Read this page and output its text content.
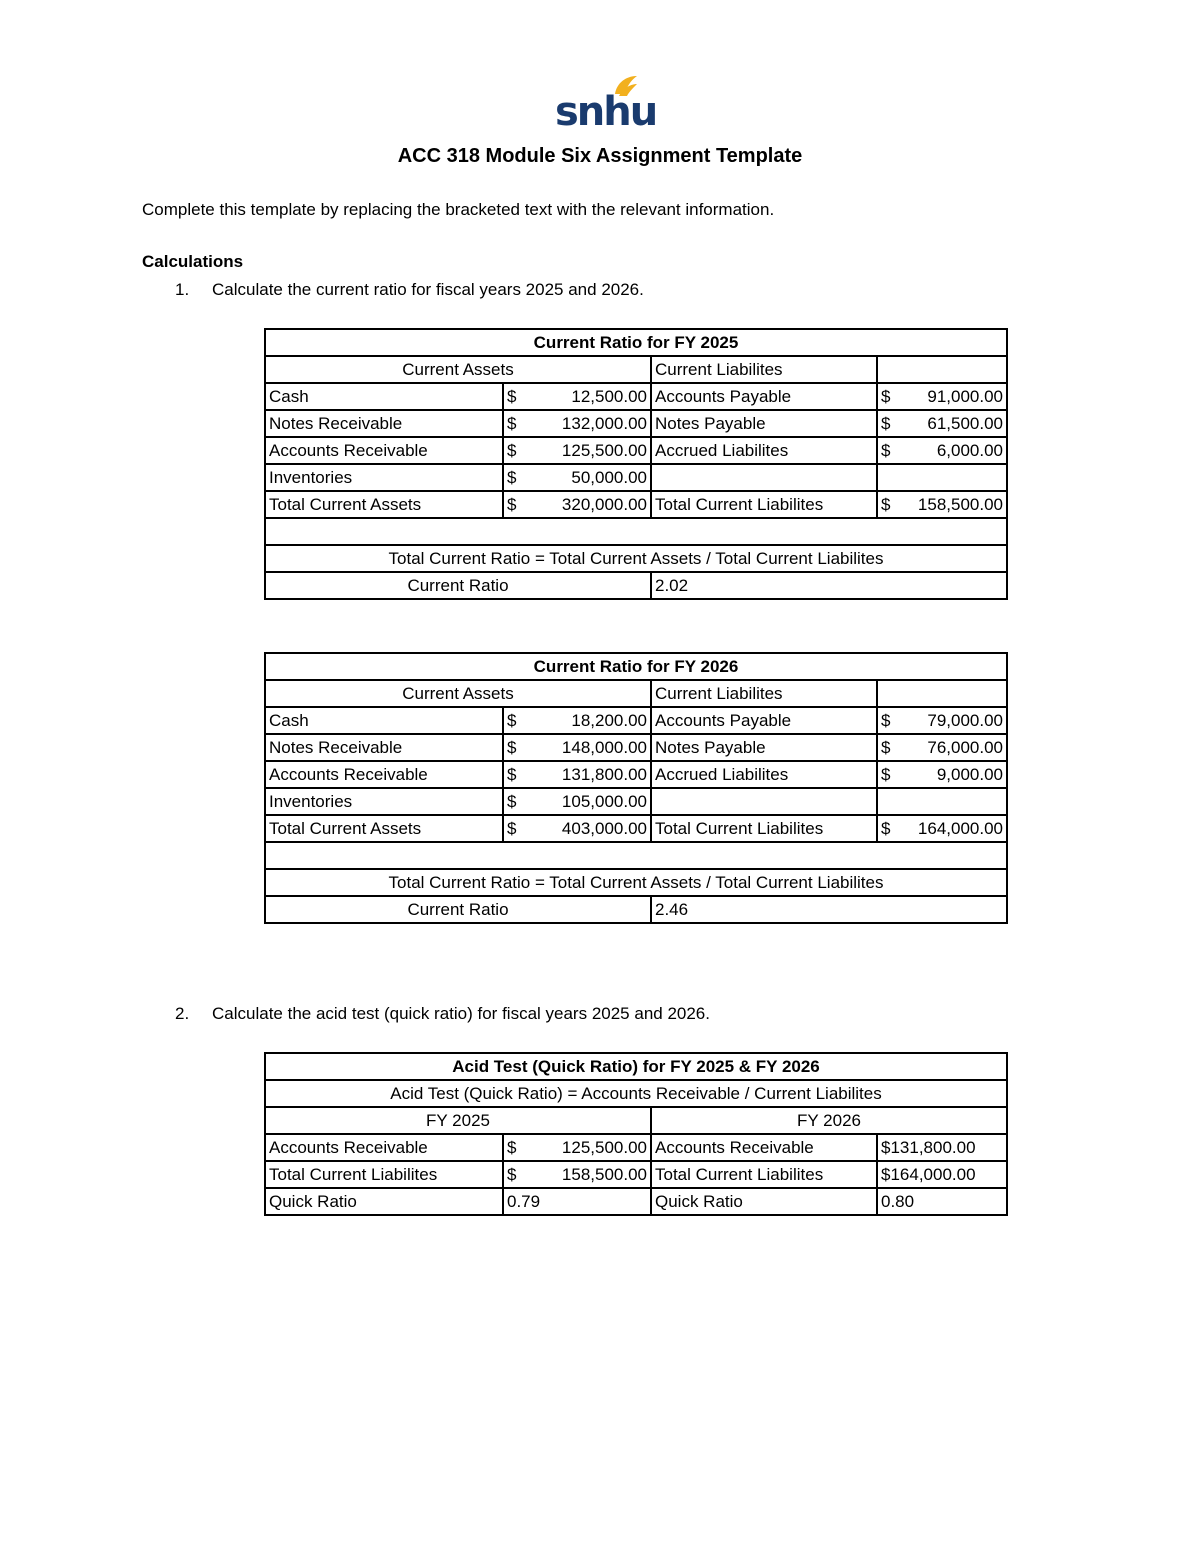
snhu
ACC 318 Module Six Assignment Template
Complete this template by replacing the bracketed text with the relevant information.
Calculations
1. Calculate the current ratio for fiscal years 2025 and 2026.
Current Ratio for FY 2025			
Current Assets		Current Liabilites	
Cash	$ 12,500.00	Accounts Payable	$ 91,000.00

Notes Receivable	$ 132,000.00	Notes Payable	$ 61,500.00

Accounts Receivable	$ 125,500.00	Accrued Liabilites	$ 6,000.00

Inventories	$ 50,000.00		

Total Current Assets	$ 320,000.00	Total Current Liabilites	$ 158,500.00

Total Current Ratio = Total Current Assets / Total Current Liabilites			
Current Ratio		2.02	
Current Ratio for FY 2026			
Current Assets		Current Liabilites	
Cash	$ 18,200.00	Accounts Payable	$ 79,000.00

Notes Receivable	$ 148,000.00	Notes Payable	$ 76,000.00

Accounts Receivable	$ 131,800.00	Accrued Liabilites	$ 9,000.00

Inventories	$ 105,000.00		

Total Current Assets	$ 403,000.00	Total Current Liabilites	$ 164,000.00

Total Current Ratio = Total Current Assets / Total Current Liabilites			
Current Ratio		2.46	
2. Calculate the acid test (quick ratio) for fiscal years 2025 and 2026.
Acid Test (Quick Ratio) for FY 2025 & FY 2026			
Acid Test (Quick Ratio) = Accounts Receivable / Current Liabilites			
FY 2025		FY 2026	
Accounts Receivable	$ 125,500.00	Accounts Receivable	$131,800.00
Total Current Liabilites	$ 158,500.00	Total Current Liabilites	$164,000.00
Quick Ratio	0.79	Quick Ratio	0.80
